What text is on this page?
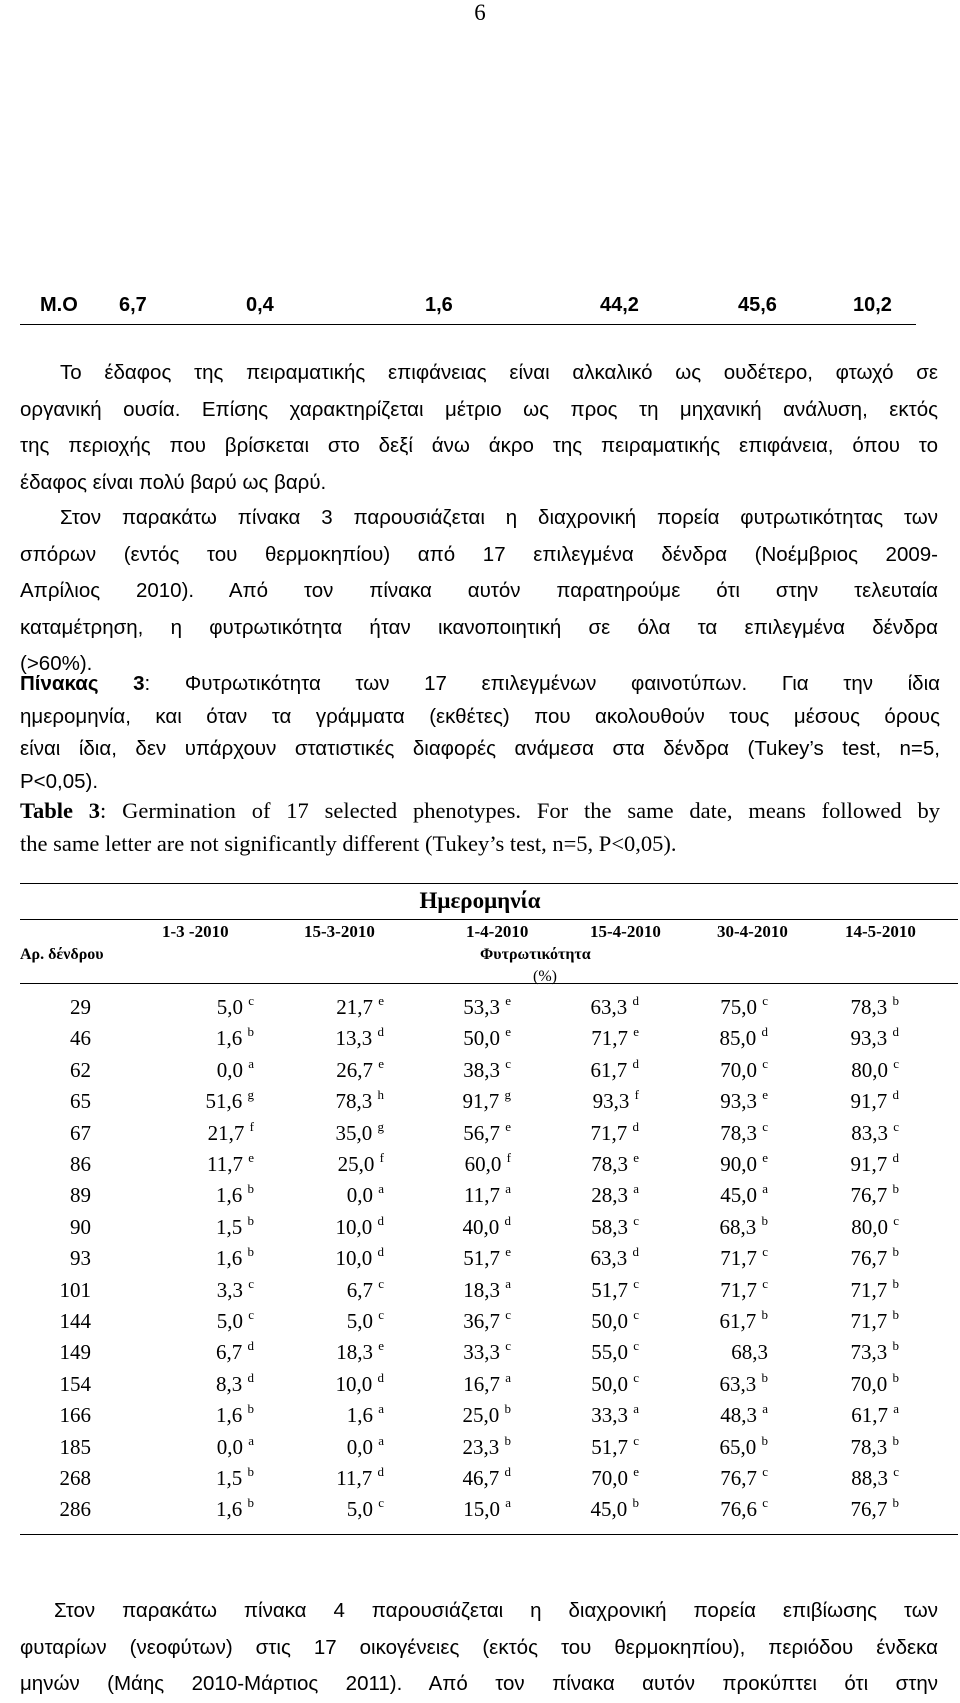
6
M.O 6,7	0,4	1,6	44,2	45,6	10,2
Το έδαφος της πειραματικής επιφάνειας είναι αλκαλικό ως ουδέτερο, φτωχό σε
οργανική ουσία. Επίσης χαρακτηρίζεται μέτριο ως προς τη μηχανική ανάλυση, εκτός
της περιοχής που βρίσκεται στο δεξί άνω άκρο της πειραματικής επιφάνεια, όπου το
έδαφος είναι πολύ βαρύ ως βαρύ.
Στον παρακάτω πίνακα 3 παρουσιάζεται η διαχρονική πορεία φυτρωτικότητας των
σπόρων (εντός του θερμοκηπίου) από 17 επιλεγμένα δένδρα (Νοέμβριος 2009-
Απρίλιος 2010). Από τον πίνακα αυτόν παρατηρούμε ότι στην τελευταία
καταμέτρηση, η φυτρωτικότητα ήταν ικανοποιητική σε όλα τα επιλεγμένα δένδρα
(>60%).
Πίνακας 3: Φυτρωτικότητα των 17 επιλεγμένων φαινοτύπων. Για την ίδια
ημερομηνία, και όταν τα γράμματα (εκθέτες) που ακολουθούν τους μέσους όρους
είναι ίδια, δεν υπάρχουν στατιστικές διαφορές ανάμεσα στα δένδρα (Tukey’s test, n=5,
P<0,05).
Table 3: Germination of 17 selected phenotypes. For the same date, means followed by
the same letter are not significantly different (Tukey’s test, n=5, P<0,05).
Ημερομηνία
1-3 -2010	15-3-2010	1-4-2010	15-4-2010	30-4-2010	14-5-2010
Αρ. δένδρου	Φυτρωτικότητα
(%)
29	5,0 $^c$	21,7 $^e$	53,3 $^e$	63,3 $^d$	75,0 $^c$	78,3 $^b$
46	1,6 $^b$	13,3 $^d$	50,0 $^e$	71,7 $^e$	85,0 $^d$	93,3 $^d$
62	0,0 $^a$	26,7 $^e$	38,3 $^c$	61,7 $^d$	70,0 $^c$	80,0 $^c$
65	51,6 $^g$	78,3 $^h$	91,7 $^g$	93,3 $^f$	93,3 $^e$	91,7 $^d$
67	21,7 $^f$	35,0 $^g$	56,7 $^e$	71,7 $^d$	78,3 $^c$	83,3 $^c$
86	11,7 $^e$	25,0 $^f$	60,0 $^f$	78,3 $^e$	90,0 $^e$	91,7 $^d$
89	1,6 $^b$	0,0 $^a$	11,7 $^a$	28,3 $^a$	45,0 $^a$	76,7 $^b$
90	1,5 $^b$	10,0 $^d$	40,0 $^d$	58,3 $^c$	68,3 $^b$	80,0 $^c$
93	1,6 $^b$	10,0 $^d$	51,7 $^e$	63,3 $^d$	71,7 $^c$	76,7 $^b$
101	3,3 $^c$	6,7 $^c$	18,3 $^a$	51,7 $^c$	71,7 $^c$	71,7 $^b$
144	5,0 $^c$	5,0 $^c$	36,7 $^c$	50,0 $^c$	61,7 $^b$	71,7 $^b$
149	6,7 $^d$	18,3 $^e$	33,3 $^c$	55,0 $^c$	68,3	73,3 $^b$
154	8,3 $^d$	10,0 $^d$	16,7 $^a$	50,0 $^c$	63,3 $^b$	70,0 $^b$
166	1,6 $^b$	1,6 $^a$	25,0 $^b$	33,3 $^a$	48,3 $^a$	61,7 $^a$
185	0,0 $^a$	0,0 $^a$	23,3 $^b$	51,7 $^c$	65,0 $^b$	78,3 $^b$
268	1,5 $^b$	11,7 $^d$	46,7 $^d$	70,0 $^e$	76,7 $^c$	88,3 $^c$
286	1,6 $^b$	5,0 $^c$	15,0 $^a$	45,0 $^b$	76,6 $^c$	76,7 $^b$
Στον παρακάτω πίνακα 4 παρουσιάζεται η διαχρονική πορεία επιβίωσης των
φυταρίων (νεοφύτων) στις 17 οικογένειες (εκτός του θερμοκηπίου), περιόδου ένδεκα
μηνών (Μάης 2010-Μάρτιος 2011). Από τον πίνακα αυτόν προκύπτει ότι στην
